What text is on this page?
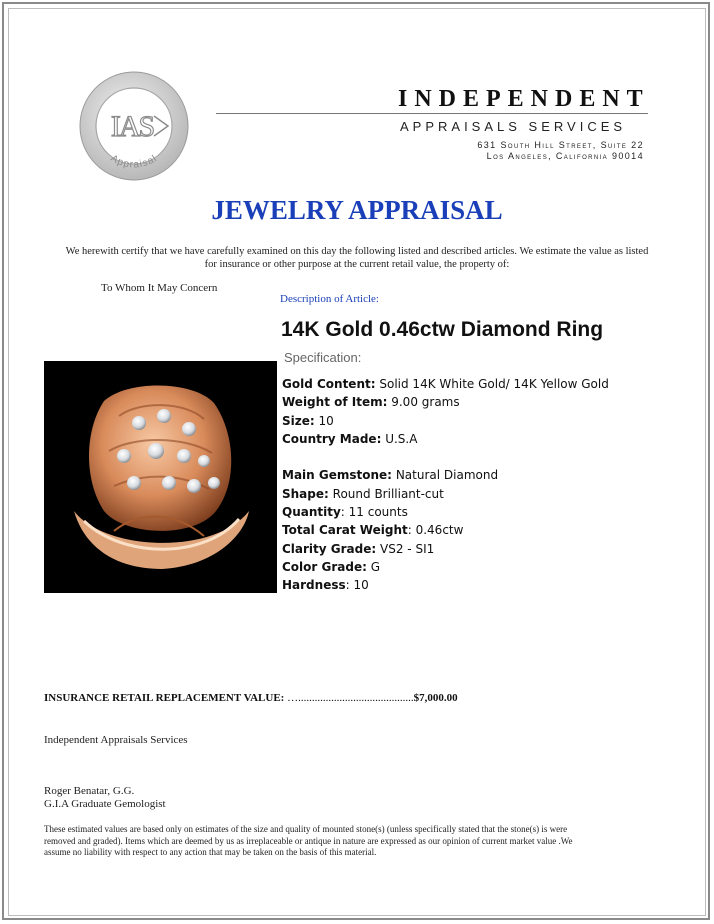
IAS
Appraisal
INDEPENDENT
APPRAISALS SERVICES
631 South Hill Street, Suite 22
Los Angeles, California 90014
JEWELRY APPRAISAL
We herewith certify that we have carefully examined on this day the following listed and described articles. We estimate the value as listed for insurance or other purpose at the current retail value, the property of:
To Whom It May Concern
Description of Article:
14K Gold 0.46ctw Diamond Ring
Specification:
Gold Content: Solid 14K White Gold/ 14K Yellow Gold
Weight of Item: 9.00 grams
Size: 10
Country Made: U.S.A
Main Gemstone: Natural Diamond
Shape: Round Brilliant-cut
Quantity: 11 counts
Total Carat Weight: 0.46ctw
Clarity Grade: VS2 - SI1
Color Grade: G
Hardness: 10
INSURANCE RETAIL REPLACEMENT VALUE: …..........................................$7,000.00
Independent Appraisals Services
Roger Benatar, G.G.
G.I.A Graduate Gemologist
These estimated values are based only on estimates of the size and quality of mounted stone(s) (unless specifically stated that the stone(s) is were removed and graded). Items which are deemed by us as irreplaceable or antique in nature are expressed as our opinion of current market value .We assume no liability with respect to any action that may be taken on the basis of this material.
